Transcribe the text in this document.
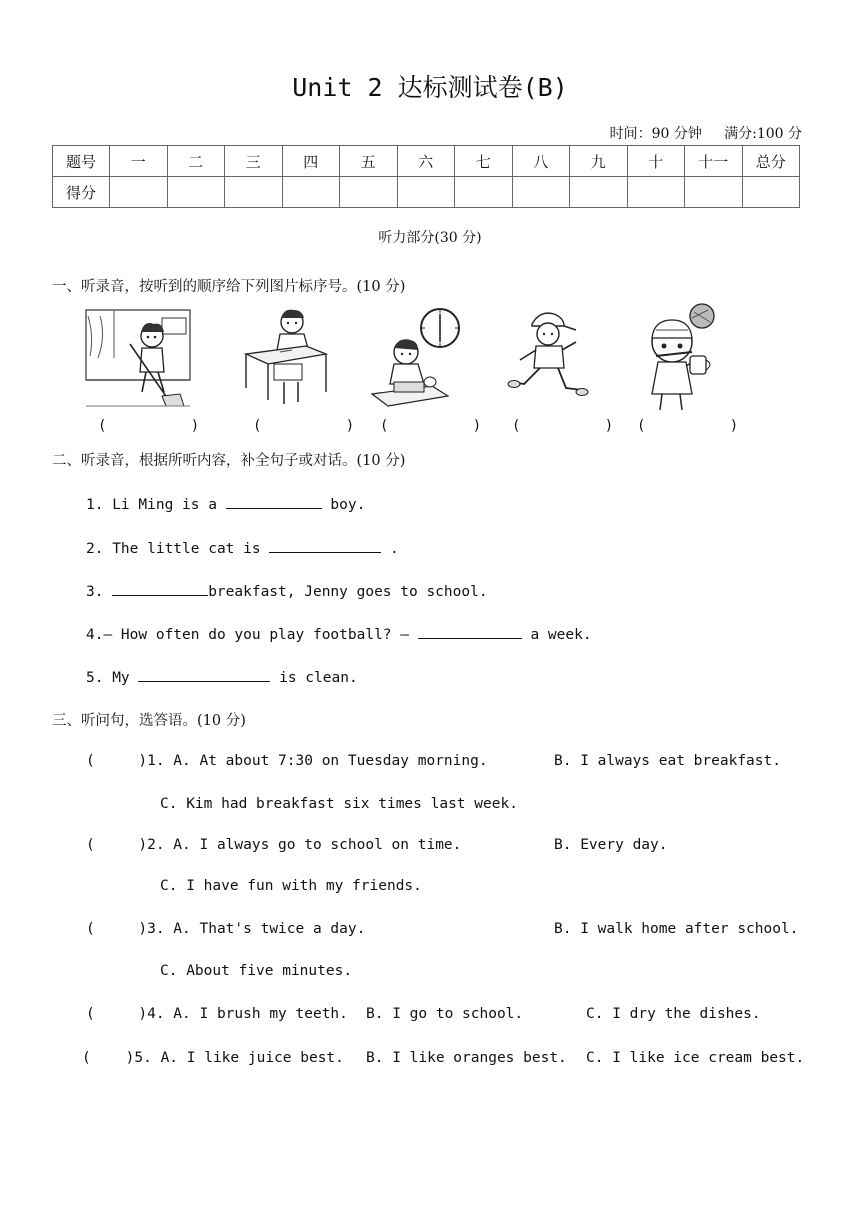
Unit 2 达标测试卷(B)
时间：90 分钟 满分:100 分
题号	一	二	三	四	五	六	七	八	九	十	十一	总分
得分												
听力部分(30 分)
一、听录音，按听到的顺序给下列图片标序号。(10 分)
(          )	(          ) (          ) (          ) (          )
二、听录音，根据所听内容，补全句子或对话。(10 分)
1. Li Ming is a	boy.
2. The little cat is	.
3.	breakfast, Jenny goes to school.
4.— How often do you play football? —	a week.
5. My	is clean.
三、听问句，选答语。(10 分)
(     )1. A. At about 7:30 on Tuesday morning.	B. I always eat breakfast.
C. Kim had breakfast six times last week.
(     )2. A. I always go to school on time.	B. Every day.
C. I have fun with my friends.
(     )3. A. That's twice a day.	B. I walk home after school.
C. About five minutes.
(     )4. A. I brush my teeth. B. I go to school.	C. I dry the dishes.
(    )5. A. I like juice best. B. I like oranges best. C. I like ice cream best.
